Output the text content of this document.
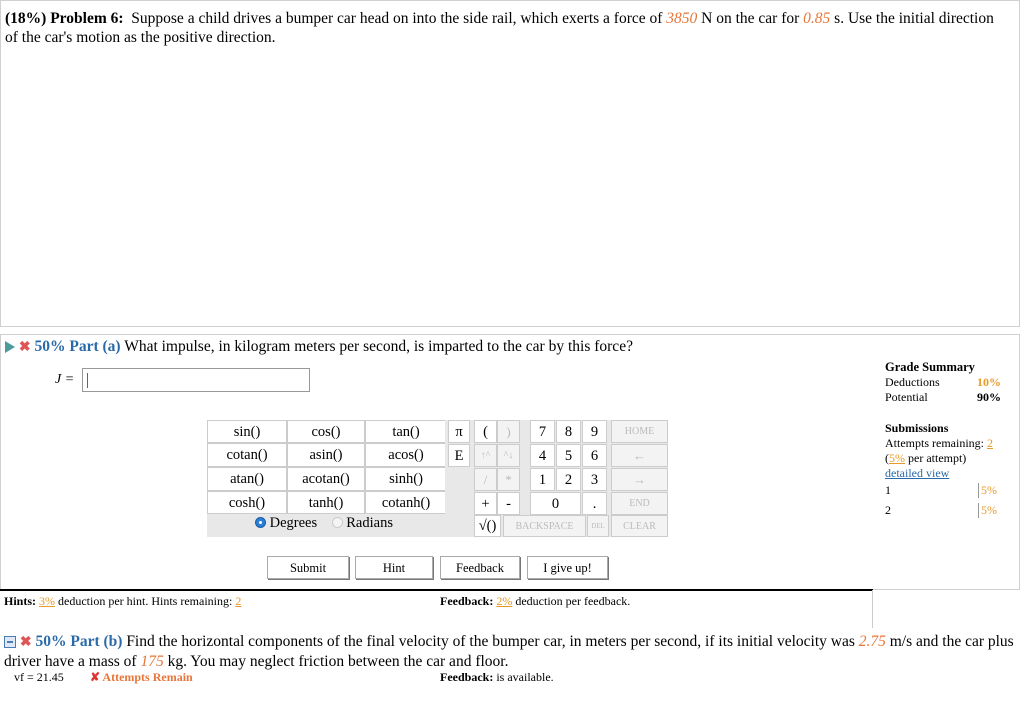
(18%) Problem 6: Suppose a child drives a bumper car head on into the side rail, which exerts a force of 3850 N on the car for 0.85 s. Use the initial direction of the car's motion as the positive direction.
✖ 50% Part (a) What impulse, in kilogram meters per second, is imparted to the car by this force?
J =
sin()	cos()	tan()
cotan()	asin()	acos()
atan()	acotan()	sinh()
cosh()	tanh()	cotanh()
Degrees Radians
π	(	)	7	8	9	HOME
E	↑^	^↓	4	5	6	←
/	*	1	2	3	→
+	-	0	.	END
√()	BACKSPACE	DEL	CLEAR
Submit	Hint	Feedback	I give up!
Grade Summary
Deductions	10%
Potential	90%
Submissions
Attempts remaining: 2
(5% per attempt)
detailed view
1	5%
2	5%
Hints: 3% deduction per hint. Hints remaining: 2	Feedback: 2% deduction per feedback.
✖ 50% Part (b) Find the horizontal components of the final velocity of the bumper car, in meters per second, if its initial velocity was 2.75 m/s and the car plus driver have a mass of 175 kg. You may neglect friction between the car and floor.
vf = 21.45 ✘ Attempts Remain	Feedback: is available.
